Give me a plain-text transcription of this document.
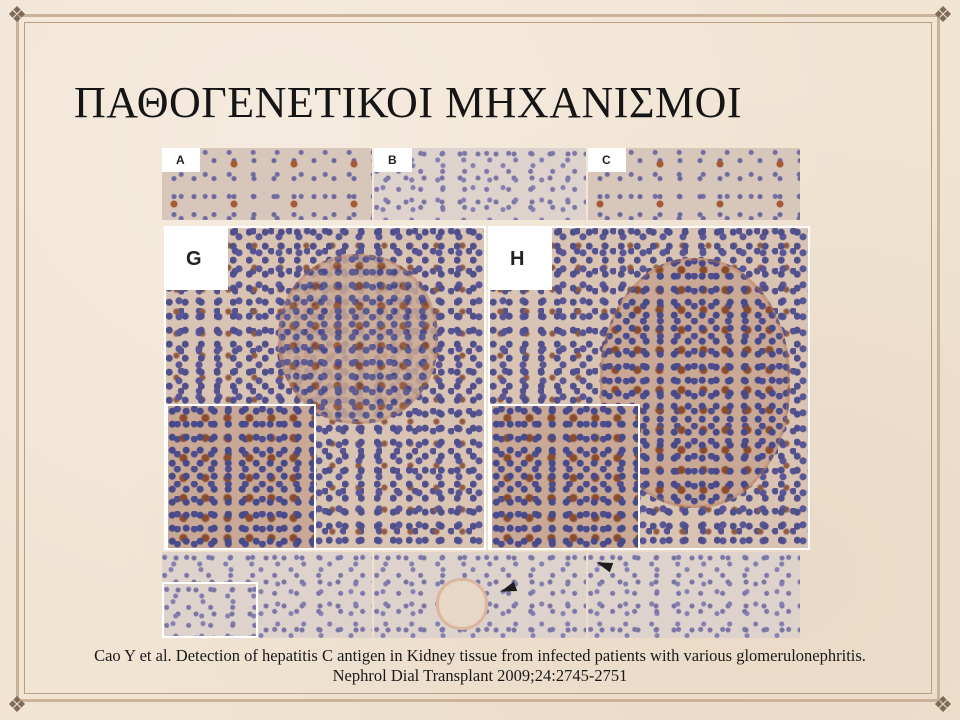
❖	❖
❖	❖
ΠΑΘΟΓΕΝΕΤΙΚΟΙ ΜΗΧΑΝΙΣΜΟΙ
A	B	C
G	H
Cao Y et al. Detection of hepatitis C antigen in Kidney tissue from infected patients with various glomerulonephritis.
Nephrol Dial Transplant 2009;24:2745-2751
